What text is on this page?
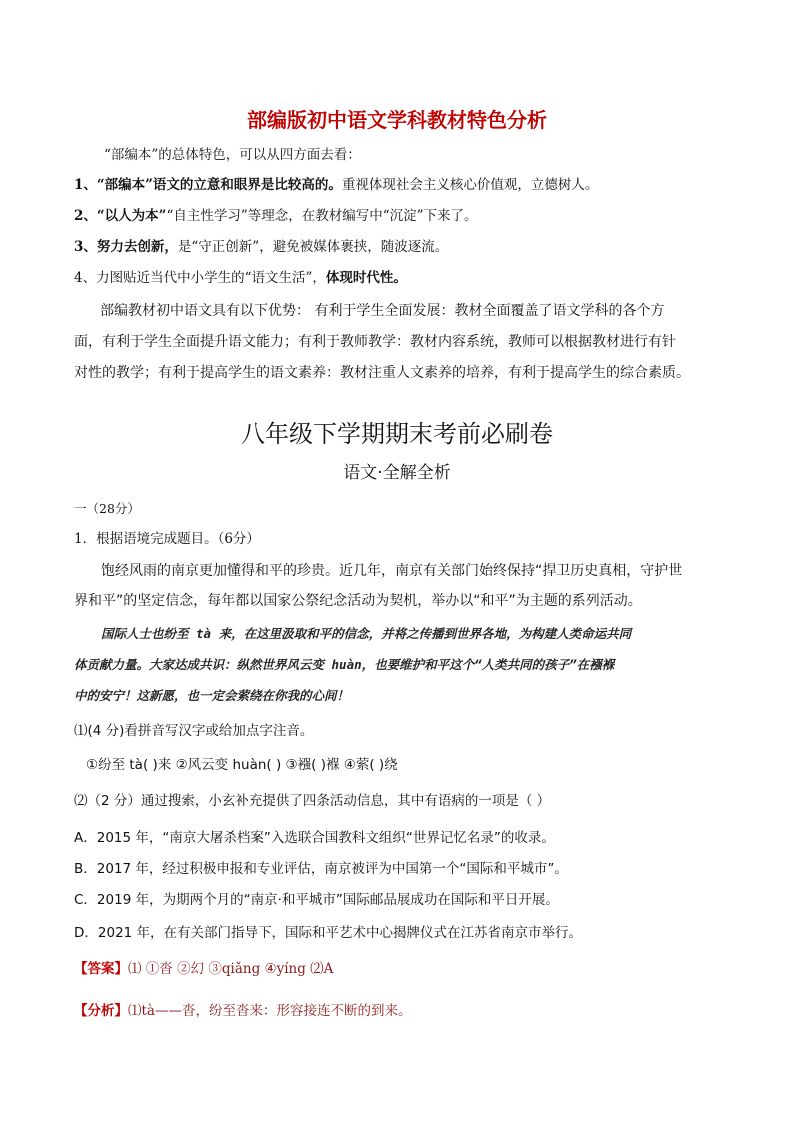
部编版初中语文学科教材特色分析
“部编本”的总体特色，可以从四方面去看：
1、“部编本”语文的立意和眼界是比较高的。重视体现社会主义核心价值观，立德树人。
2、“以人为本”“自主性学习”等理念，在教材编写中“沉淀”下来了。
3、努力去创新，是“守正创新”，避免被媒体裹挟，随波逐流。
4、力图贴近当代中小学生的“语文生活”，体现时代性。
部编教材初中语文具有以下优势： 有利于学生全面发展：教材全面覆盖了语文学科的各个方
面，有利于学生全面提升语文能力；有利于教师教学：教材内容系统，教师可以根据教材进行有针
对性的教学；有利于提高学生的语文素养：教材注重人文素养的培养，有利于提高学生的综合素质。
八年级下学期期末考前必刷卷
语文·全解全析
一（28分）
1．根据语境完成题目。（6分）
饱经风雨的南京更加懂得和平的珍贵。近几年，南京有关部门始终保持“捍卫历史真相，守护世
界和平”的坚定信念，每年都以国家公祭纪念活动为契机，举办以“和平”为主题的系列活动。
国际人士也纷至 tà 来，在这里汲取和平的信念，并将之传播到世界各地，为构建人类命运共同
体贡献力量。大家达成共识：纵然世界风云变 huàn，也要维护和平这个“人类共同的孩子”在襁褓
中的安宁！这新愿，也一定会萦绕在你我的心间！
⑴(4 分)看拼音写汉字或给加点字注音。
①纷至 tà( )来 ②风云变 huàn( ) ③襁( )褓 ④萦( )绕
⑵（2 分）通过搜索，小玄补充提供了四条活动信息，其中有语病的一项是（ ）
A．2015 年，“南京大屠杀档案”入选联合国教科文组织“世界记忆名录”的收录。
B．2017 年，经过积极申报和专业评估，南京被评为中国第一个“国际和平城市”。
C．2019 年，为期两个月的“南京·和平城市”国际邮品展成功在国际和平日开展。
D．2021 年，在有关部门指导下，国际和平艺术中心揭牌仪式在江苏省南京市举行。
【答案】⑴ ①沓 ②幻 ③qiǎng ④yíng ⑵A
【分析】⑴tà——沓，纷至沓来：形容接连不断的到来。
